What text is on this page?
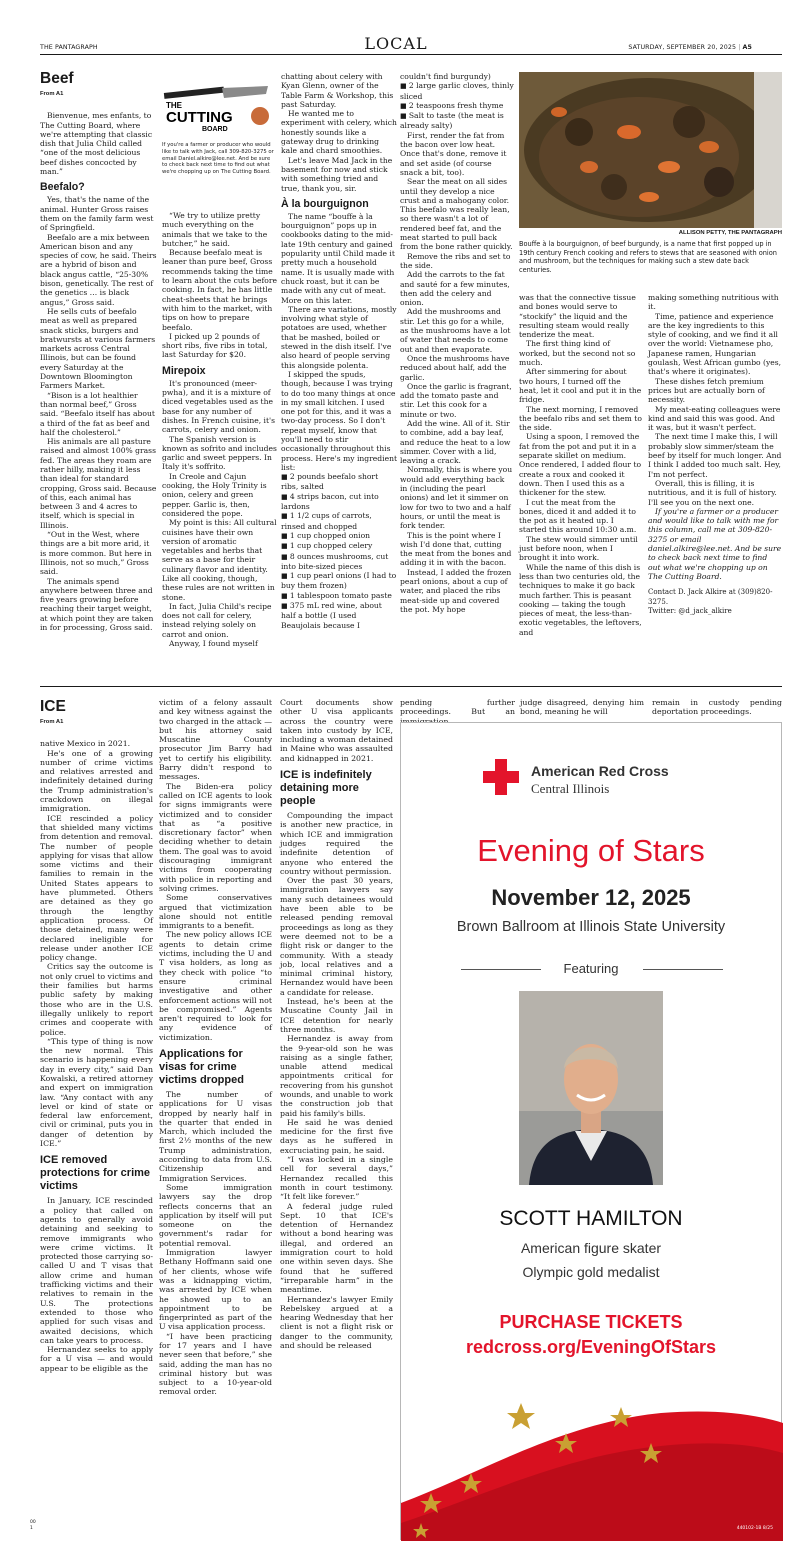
THE PANTAGRAPH	LOCAL	SATURDAY, SEPTEMBER 20, 2025 | A5
Beef
From A1

Bienvenue, mes enfants, to The Cutting Board, where we're attempting that classic dish that Julia Child called “one of the most delicious beef dishes concocted by man.”

Beefalo?

Yes, that's the name of the animal. Hunter Gross raises them on the family farm west of Springfield.

Beefalo are a mix between American bison and any species of cow, he said. Theirs are a hybrid of bison and black angus cattle, “25-30% bison, genetically. The rest of the genetics … is black angus,” Gross said.

He sells cuts of beefalo meat as well as prepared snack sticks, burgers and bratwursts at various farmers markets across Central Illinois, but can be found every Saturday at the Downtown Bloomington Farmers Market.

“Bison is a lot healthier than normal beef,” Gross said. “Beefalo itself has about a third of the fat as beef and half the cholesterol.”

His animals are all pasture raised and almost 100% grass fed. The areas they roam are rather hilly, making it less than ideal for standard cropping, Gross said. Because of this, each animal has between 3 and 4 acres to itself, which is special in Illinois.

“Out in the West, where things are a bit more arid, it is more common. But here in Illinois, not so much,” Gross said.

The animals spend anywhere between three and five years growing before reaching their target weight, at which point they are taken in for processing, Gross said.

THE
CUTTING
BOARD
If you're a farmer or producer who would like to talk with Jack, call 309-820-3275 or email Daniel.alkire@lee.net. And be sure to check back next time to find out what we're chopping up on The Cutting Board.

“We try to utilize pretty much everything on the animals that we take to the butcher,” he said.

Because beefalo meat is leaner than pure beef, Gross recommends taking the time to learn about the cuts before cooking. In fact, he has little cheat-sheets that he brings with him to the market, with tips on how to prepare beefalo.

I picked up 2 pounds of short ribs, five ribs in total, last Saturday for $20.

Mirepoix

It's pronounced (meer-pwha), and it is a mixture of diced vegetables used as the base for any number of dishes. In French cuisine, it's carrots, celery and onion.

The Spanish version is known as sofrito and includes garlic and sweet peppers. In Italy it's soffrito.

In Creole and Cajun cooking, the Holy Trinity is onion, celery and green pepper. Garlic is, then, considered the pope.

My point is this: All cultural cuisines have their own version of aromatic vegetables and herbs that serve as a base for their culinary flavor and identity. Like all cooking, though, these rules are not written in stone.

In fact, Julia Child's recipe does not call for celery, instead relying solely on carrot and onion.

Anyway, I found myself

chatting about celery with Kyan Glenn, owner of the Table Farm & Workshop, this past Saturday.

He wanted me to experiment with celery, which honestly sounds like a gateway drug to drinking kale and chard smoothies.

Let's leave Mad Jack in the basement for now and stick with something tried and true, thank you, sir.

À la bourguignon

The name “bouffe à la bourguignon” pops up in cookbooks dating to the mid-late 19th century and gained popularity until Child made it pretty much a household name. It is usually made with chuck roast, but it can be made with any cut of meat. More on this later.

There are variations, mostly involving what style of potatoes are used, whether that be mashed, boiled or stewed in the dish itself. I've also heard of people serving this alongside polenta.

I skipped the spuds, though, because I was trying to do too many things at once in my small kitchen. I used one pot for this, and it was a two-day process. So I don't repeat myself, know that you'll need to stir occasionally throughout this process. Here's my ingredient list:

■ 2 pounds beefalo short ribs, salted

■ 4 strips bacon, cut into lardons

■ 1 1/2 cups of carrots, rinsed and chopped

■ 1 cup chopped onion

■ 1 cup chopped celery

■ 8 ounces mushrooms, cut into bite-sized pieces

■ 1 cup pearl onions (I had to buy them frozen)

■ 1 tablespoon tomato paste

■ 375 mL red wine, about half a bottle (I used Beaujolais because I

couldn't find burgundy)

■ 2 large garlic cloves, thinly sliced

■ 2 teaspoons fresh thyme

■ Salt to taste (the meat is already salty)

First, render the fat from the bacon over low heat. Once that's done, remove it and set aside (of course snack a bit, too).

Sear the meat on all sides until they develop a nice crust and a mahogany color. This beefalo was really lean, so there wasn't a lot of rendered beef fat, and the meat started to pull back from the bone rather quickly.

Remove the ribs and set to the side.

Add the carrots to the fat and sauté for a few minutes, then add the celery and onion.

Add the mushrooms and stir. Let this go for a while, as the mushrooms have a lot of water that needs to come out and then evaporate.

Once the mushrooms have reduced about half, add the garlic.

Once the garlic is fragrant, add the tomato paste and stir. Let this cook for a minute or two.

Add the wine. All of it. Stir to combine, add a bay leaf, and reduce the heat to a low simmer. Cover with a lid, leaving a crack.

Normally, this is where you would add everything back in (including the pearl onions) and let it simmer on low for two to two and a half hours, or until the meat is fork tender.

This is the point where I wish I'd done that, cutting the meat from the bones and adding it in with the bacon.

Instead, I added the frozen pearl onions, about a cup of water, and placed the ribs meat-side up and covered the pot. My hope

ALLISON PETTY, THE PANTAGRAPH
Bouffe à la bourguignon, of beef burgundy, is a name that first popped up in 19th century French cooking and refers to stews that are seasoned with onion and mushroom, but the techniques for making such a stew date back centuries.

was that the connective tissue and bones would serve to “stockify” the liquid and the resulting steam would really tenderize the meat.

The first thing kind of worked, but the second not so much.

After simmering for about two hours, I turned off the heat, let it cool and put it in the fridge.

The next morning, I removed the beefalo ribs and set them to the side.

Using a spoon, I removed the fat from the pot and put it in a separate skillet on medium. Once rendered, I added flour to create a roux and cooked it down. Then I used this as a thickener for the stew.

I cut the meat from the bones, diced it and added it to the pot as it heated up. I started this around 10:30 a.m.

The stew would simmer until just before noon, when I brought it into work.

While the name of this dish is less than two centuries old, the techniques to make it go back much farther. This is peasant cooking — taking the tough pieces of meat, the less-than-exotic vegetables, the leftovers, and

making something nutritious with it.

Time, patience and experience are the key ingredients to this style of cooking, and we find it all over the world: Vietnamese pho, Japanese ramen, Hungarian goulash, West African gumbo (yes, that's where it originates).

These dishes fetch premium prices but are actually born of necessity.

My meat-eating colleagues were kind and said this was good. And it was, but it wasn't perfect.

The next time I make this, I will probably slow simmer/steam the beef by itself for much longer. And I think I added too much salt. Hey, I'm not perfect.

Overall, this is filling, it is nutritious, and it is full of history. I'll see you on the next one.

If you're a farmer or a producer and would like to talk with me for this column, call me at 309-820-3275 or email daniel.alkire@lee.net. And be sure to check back next time to find out what we're chopping up on The Cutting Board.

Contact D. Jack Alkire at (309)820-3275.

Twitter: @d_jack_alkire

ICE
From A1

native Mexico in 2021.

He's one of a growing number of crime victims and relatives arrested and indefinitely detained during the Trump administration's crackdown on illegal immigration.

ICE rescinded a policy that shielded many victims from detention and removal. The number of people applying for visas that allow some victims and their families to remain in the United States appears to have plummeted. Others are detained as they go through the lengthy application process. Of those detained, many were declared ineligible for release under another ICE policy change.

Critics say the outcome is not only cruel to victims and their families but harms public safety by making those who are in the U.S. illegally unlikely to report crimes and cooperate with police.

“This type of thing is now the new normal. This scenario is happening every day in every city,” said Dan Kowalski, a retired attorney and expert on immigration law. “Any contact with any level or kind of state or federal law enforcement, civil or criminal, puts you in danger of detention by ICE.”

ICE removed protections for crime victims

In January, ICE rescinded a policy that called on agents to generally avoid detaining and seeking to remove immigrants who were crime victims. It protected those carrying so-called U and T visas that allow crime and human trafficking victims and their relatives to remain in the U.S. The protections extended to those who applied for such visas and awaited decisions, which can take years to process.

Hernandez seeks to apply for a U visa — and would appear to be eligible as the

00
1

victim of a felony assault and key witness against the two charged in the attack — but his attorney said Muscatine County prosecutor Jim Barry had yet to certify his eligibility. Barry didn't respond to messages.

The Biden-era policy called on ICE agents to look for signs immigrants were victimized and to consider that as “a positive discretionary factor” when deciding whether to detain them. The goal was to avoid discouraging immigrant victims from cooperating with police in reporting and solving crimes.

Some conservatives argued that victimization alone should not entitle immigrants to a benefit.

The new policy allows ICE agents to detain crime victims, including the U and T visa holders, as long as they check with police “to ensure criminal investigative and other enforcement actions will not be compromised.” Agents aren't required to look for any evidence of victimization.

Applications for visas for crime victims dropped

The number of applications for U visas dropped by nearly half in the quarter that ended in March, which included the first 2½ months of the new Trump administration, according to data from U.S. Citizenship and Immigration Services.

Some immigration lawyers say the drop reflects concerns that an application by itself will put someone on the government's radar for potential removal.

Immigration lawyer Bethany Hoffmann said one of her clients, whose wife was a kidnapping victim, was arrested by ICE when he showed up to an appointment to be fingerprinted as part of the U visa application process.

“I have been practicing for 17 years and I have never seen that before,” she said, adding the man has no criminal history but was subject to a 10-year-old removal order.

Court documents show other U visa applicants across the country were taken into custody by ICE, including a woman detained in Maine who was assaulted and kidnapped in 2021.

ICE is indefinitely detaining more people

Compounding the impact is another new practice, in which ICE and immigration judges required the indefinite detention of anyone who entered the country without permission.

Over the past 30 years, immigration lawyers say many such detainees would have been able to be released pending removal proceedings as long as they were deemed not to be a flight risk or danger to the community. With a steady job, local relatives and a minimal criminal history, Hernandez would have been a candidate for release.

Instead, he's been at the Muscatine County Jail in ICE detention for nearly three months.

Hernandez is away from the 9-year-old son he was raising as a single father, unable attend medical appointments critical for recovering from his gunshot wounds, and unable to work the construction job that paid his family's bills.

He said he was denied medicine for the first five days as he suffered in excruciating pain, he said.

“I was locked in a single cell for several days,” Hernandez recalled this month in court testimony. “It felt like forever.”

A federal judge ruled Sept. 10 that ICE's detention of Hernandez without a bond hearing was illegal, and ordered an immigration court to hold one within seven days. She found that he suffered “irreparable harm” in the meantime.

Hernandez's lawyer Emily Rebelskey argued at a hearing Wednesday that her client is not a flight risk or danger to the community, and should be released

pending further proceedings. But an

judge disagreed, denying him bond, meaning he will

remain in custody pending deportation proceedings.

American Red Cross
Central Illinois
Evening of Stars
November 12, 2025
Brown Ballroom at Illinois State University
Featuring
SCOTT HAMILTON
American figure skater
Olympic gold medalist
PURCHASE TICKETS
redcross.org/EveningOfStars
440102-1B 8/25
